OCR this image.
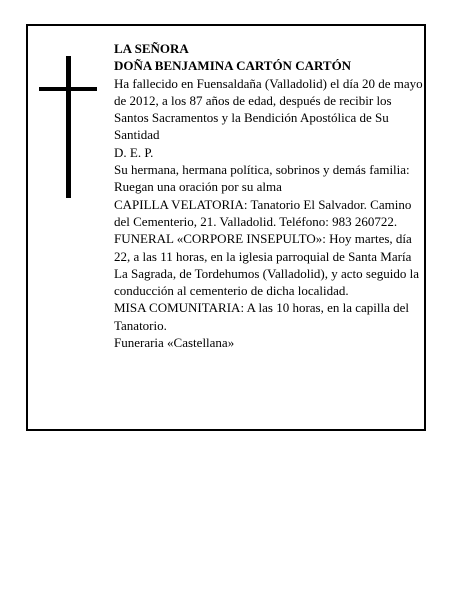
LA SEÑORA

DOÑA BENJAMINA CARTÓN CARTÓN

Ha fallecido en Fuensaldaña (Valladolid) el día 20 de mayo de 2012, a los 87 años de edad, después de recibir los Santos Sacramentos y la Bendición Apostólica de Su Santidad

D. E. P.

Su hermana, hermana política, sobrinos y demás familia:

Ruegan una oración por su alma

CAPILLA VELATORIA: Tanatorio El Salvador. Camino del Cementerio, 21. Valladolid. Teléfono: 983 260722.

FUNERAL «CORPORE INSEPULTO»: Hoy martes, día 22, a las 11 horas, en la iglesia parroquial de Santa María La Sagrada, de Tordehumos (Valladolid), y acto seguido la conducción al cementerio de dicha localidad.

MISA COMUNITARIA: A las 10 horas, en la capilla del Tanatorio.

Funeraria «Castellana»
